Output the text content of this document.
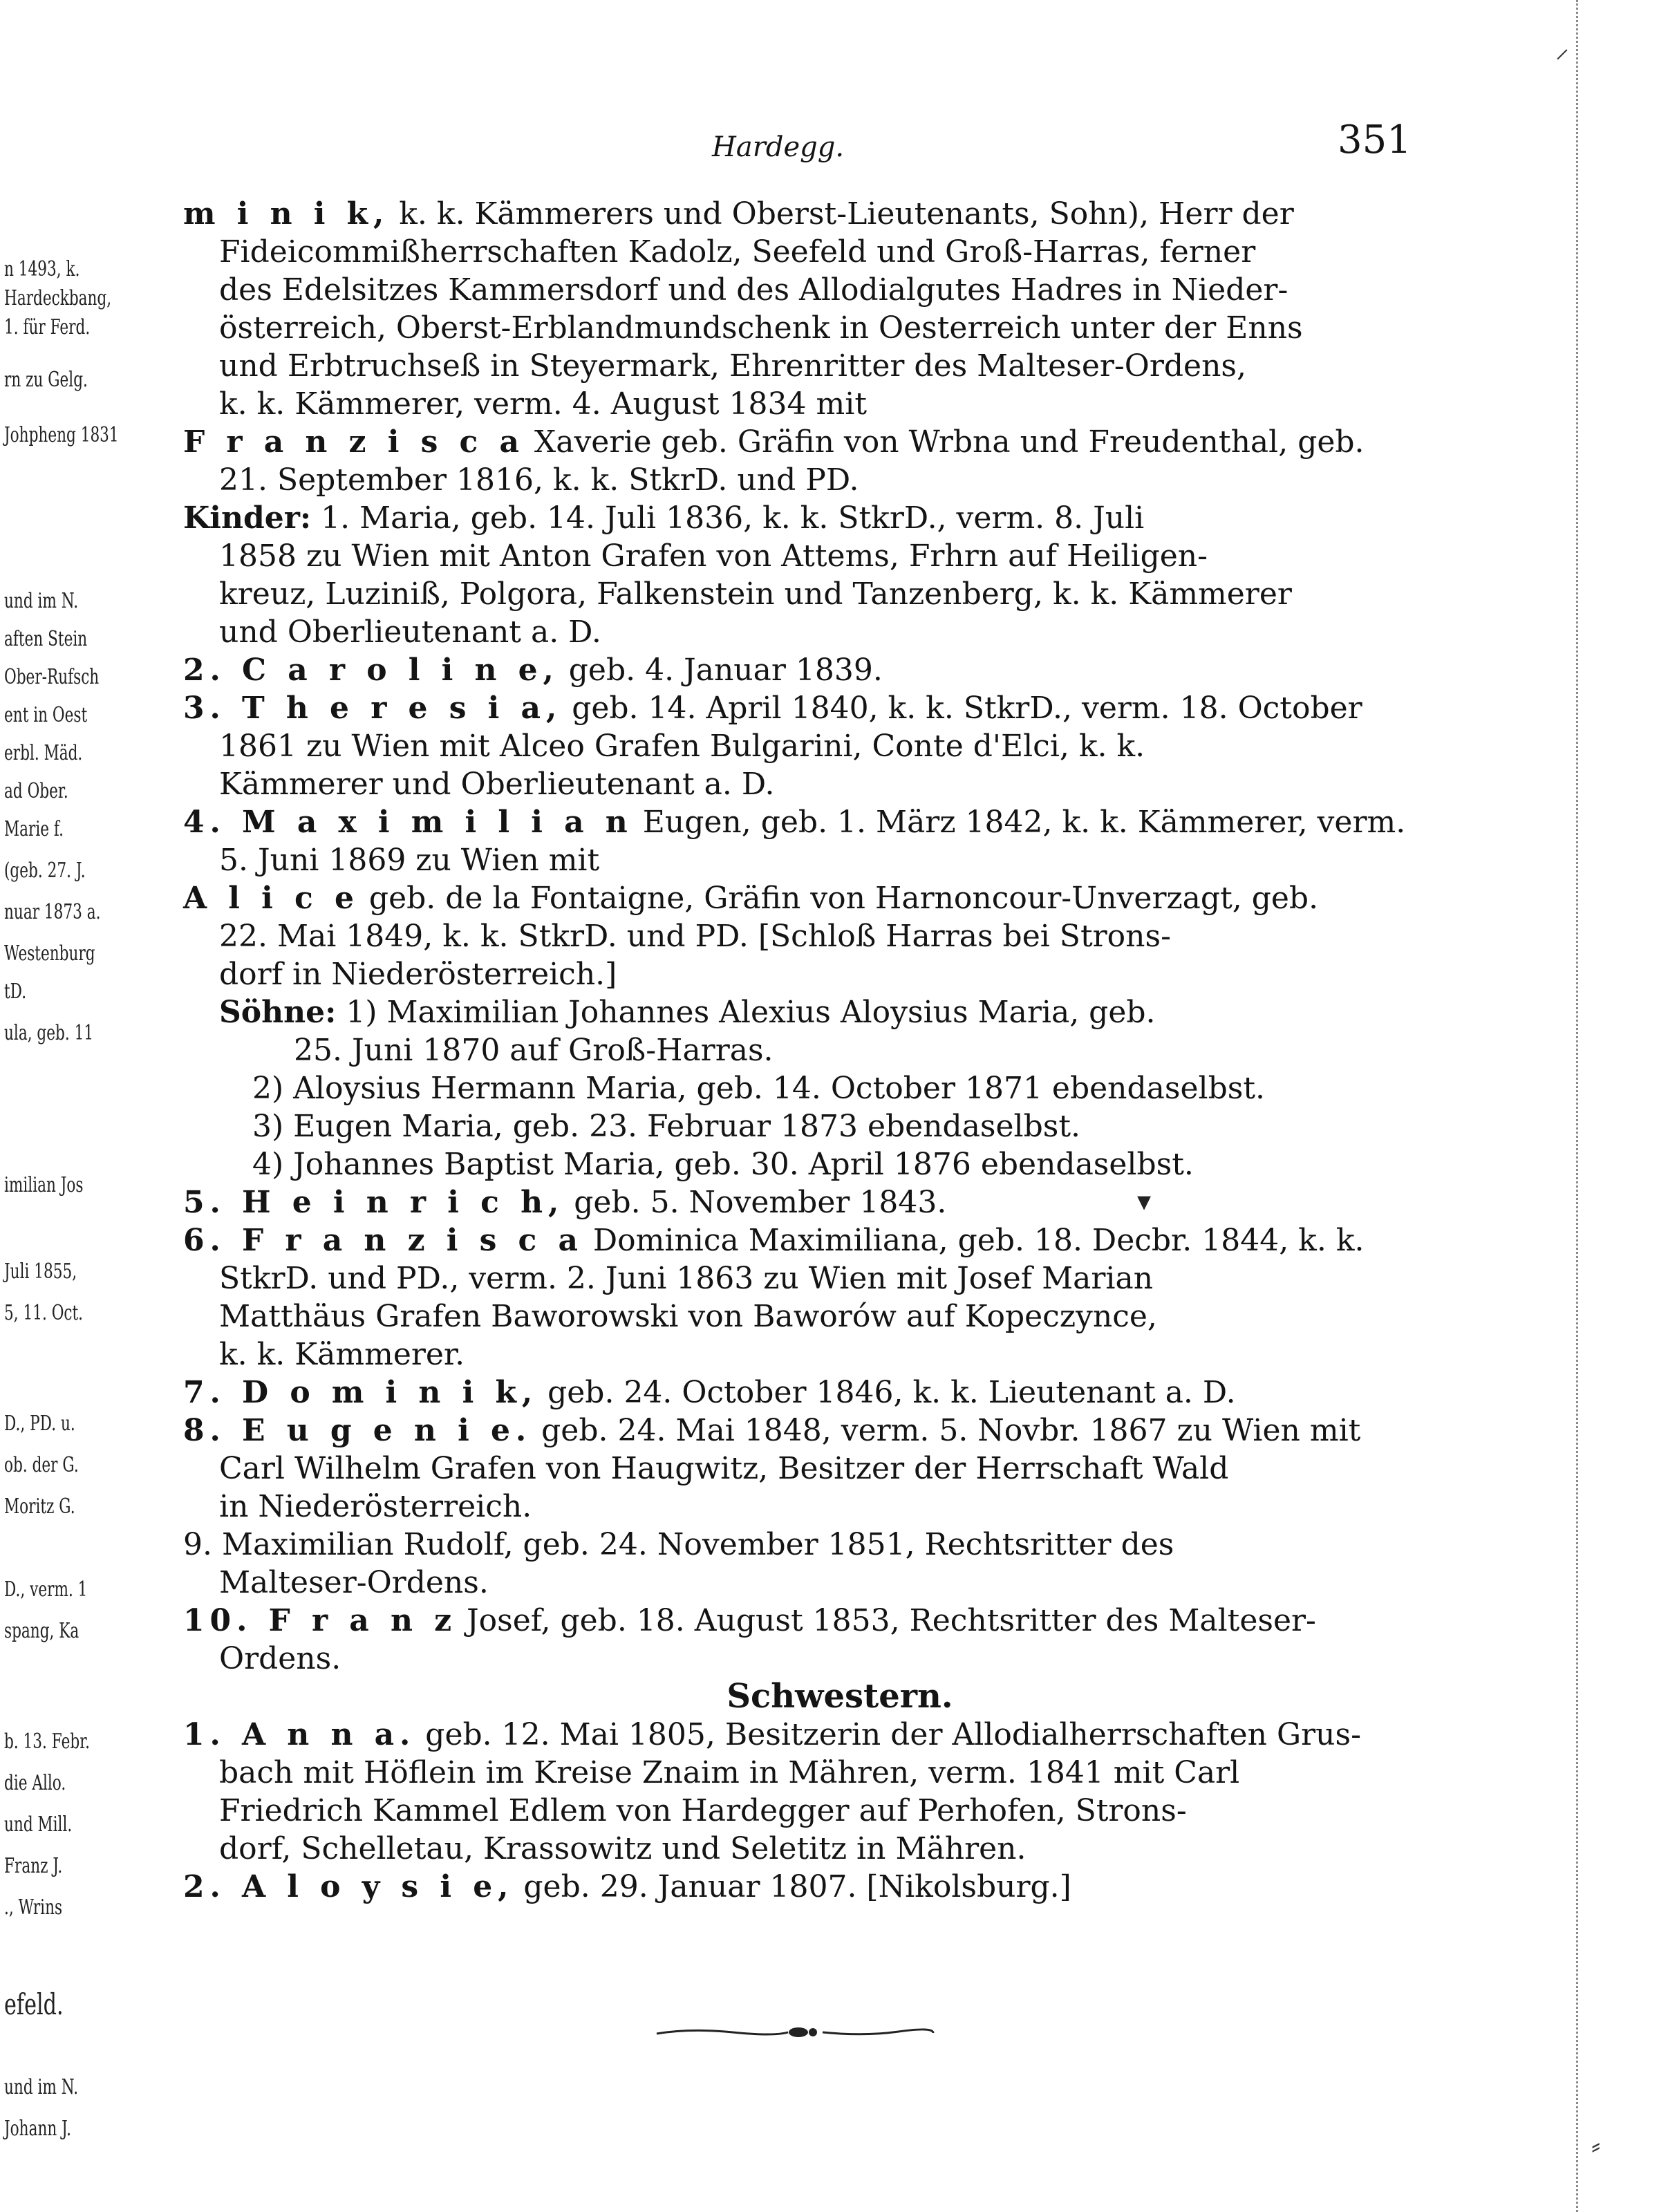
n 1493, k.
Hardeckbang,
1. für Ferd.
rn zu Gelg.
Johpheng 1831
und im N.
aften Stein
Ober-Rufsch
ent in Oest
erbl. Mäd.
ad Ober.
Marie f.
(geb. 27. J.
nuar 1873 a.
Westenburg
tD.
ula, geb. 11
imilian Jos
Juli 1855,
5, 11. Oct.
D., PD. u.
ob. der G.
Moritz G.
D., verm. 1
spang, Ka
b. 13. Febr.
die Allo.
und Mill.
Franz J.
., Wrins
efeld.
und im N.
Johann J.
⸝
⸗
Hardegg.	351
m i n i k, k. k. Kämmerers und Oberst-Lieutenants, Sohn), Herr der
Fideicommißherrschaften Kadolz, Seefeld und Groß-Harras, ferner
des Edelsitzes Kammersdorf und des Allodialgutes Hadres in Nieder-
österreich, Oberst-Erblandmundschenk in Oesterreich unter der Enns
und Erbtruchseß in Steyermark, Ehrenritter des Malteser-Ordens,
k. k. Kämmerer, verm. 4. August 1834 mit
F r a n z i s c a Xaverie geb. Gräfin von Wrbna und Freudenthal, geb.
21. September 1816, k. k. StkrD. und PD.
Kinder: 1. Maria, geb. 14. Juli 1836, k. k. StkrD., verm. 8. Juli
1858 zu Wien mit Anton Grafen von Attems, Frhrn auf Heiligen-
kreuz, Luziniß, Polgora, Falkenstein und Tanzenberg, k. k. Kämmerer
und Oberlieutenant a. D.
2. C a r o l i n e, geb. 4. Januar 1839.
3. T h e r e s i a, geb. 14. April 1840, k. k. StkrD., verm. 18. October
1861 zu Wien mit Alceo Grafen Bulgarini, Conte d'Elci, k. k.
Kämmerer und Oberlieutenant a. D.
4. M a x i m i l i a n Eugen, geb. 1. März 1842, k. k. Kämmerer, verm.
5. Juni 1869 zu Wien mit
A l i c e geb. de la Fontaigne, Gräfin von Harnoncour-Unverzagt, geb.
22. Mai 1849, k. k. StkrD. und PD. [Schloß Harras bei Strons-
dorf in Niederösterreich.]
Söhne: 1) Maximilian Johannes Alexius Aloysius Maria, geb.
25. Juni 1870 auf Groß-Harras.
2) Aloysius Hermann Maria, geb. 14. October 1871 ebendaselbst.
3) Eugen Maria, geb. 23. Februar 1873 ebendaselbst.
4) Johannes Baptist Maria, geb. 30. April 1876 ebendaselbst.
5. H e i n r i c h, geb. 5. November 1843.
6. F r a n z i s c a Dominica Maximiliana, geb. 18. Decbr. 1844, k. k.
StkrD. und PD., verm. 2. Juni 1863 zu Wien mit Josef Marian
Matthäus Grafen Baworowski von Baworów auf Kopeczynce,
k. k. Kämmerer.
7. D o m i n i k, geb. 24. October 1846, k. k. Lieutenant a. D.
8. E u g e n i e. geb. 24. Mai 1848, verm. 5. Novbr. 1867 zu Wien mit
Carl Wilhelm Grafen von Haugwitz, Besitzer der Herrschaft Wald
in Niederösterreich.
9. Maximilian Rudolf, geb. 24. November 1851, Rechtsritter des
Malteser-Ordens.
10. F r a n z Josef, geb. 18. August 1853, Rechtsritter des Malteser-
Ordens.
Schwestern.
1. A n n a. geb. 12. Mai 1805, Besitzerin der Allodialherrschaften Grus-
bach mit Höflein im Kreise Znaim in Mähren, verm. 1841 mit Carl
Friedrich Kammel Edlem von Hardegger auf Perhofen, Strons-
dorf, Schelletau, Krassowitz und Seletitz in Mähren.
2. A l o y s i e, geb. 29. Januar 1807. [Nikolsburg.]
▾
